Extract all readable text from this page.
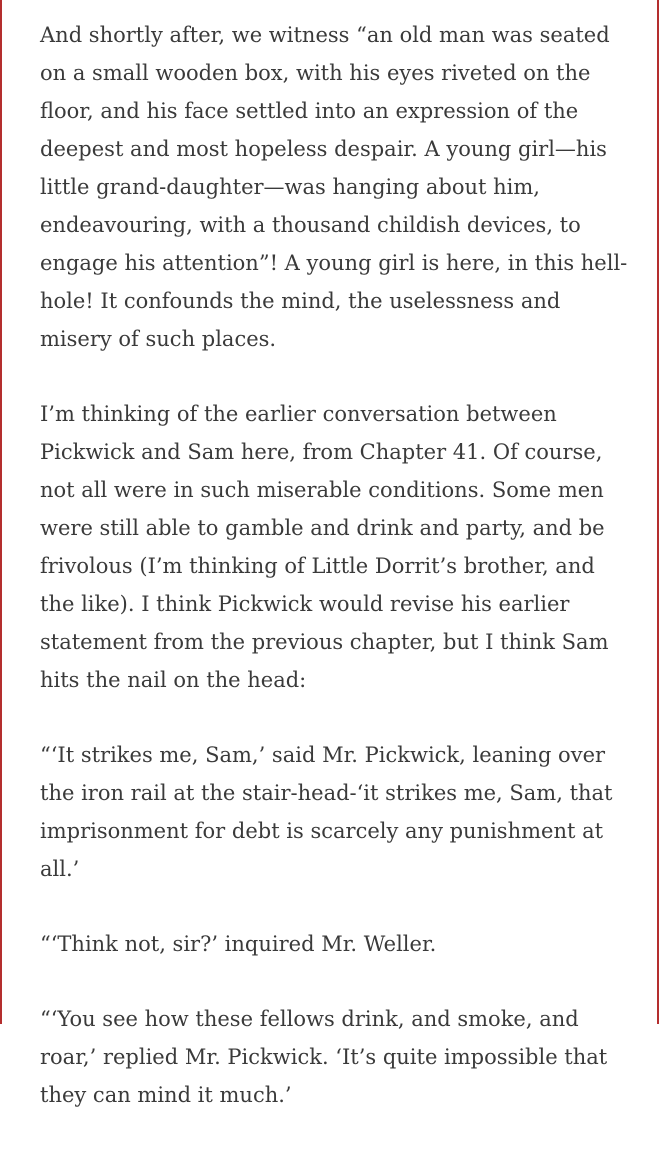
And shortly after, we witness “an old man was seated on a small wooden box, with his eyes riveted on the floor, and his face settled into an expression of the deepest and most hopeless despair. A young girl—his little grand-daughter—was hanging about him, endeavouring, with a thousand childish devices, to engage his attention”! A young girl is here, in this hell-hole! It confounds the mind, the uselessness and misery of such places.

I’m thinking of the earlier conversation between Pickwick and Sam here, from Chapter 41. Of course, not all were in such miserable conditions. Some men were still able to gamble and drink and party, and be frivolous (I’m thinking of Little Dorrit’s brother, and the like). I think Pickwick would revise his earlier statement from the previous chapter, but I think Sam hits the nail on the head:

“‘It strikes me, Sam,’ said Mr. Pickwick, leaning over the iron rail at the stair-head-‘it strikes me, Sam, that imprisonment for debt is scarcely any punishment at all.’

“‘Think not, sir?’ inquired Mr. Weller.

“‘You see how these fellows drink, and smoke, and roar,’ replied Mr. Pickwick. ‘It’s quite impossible that they can mind it much.’
